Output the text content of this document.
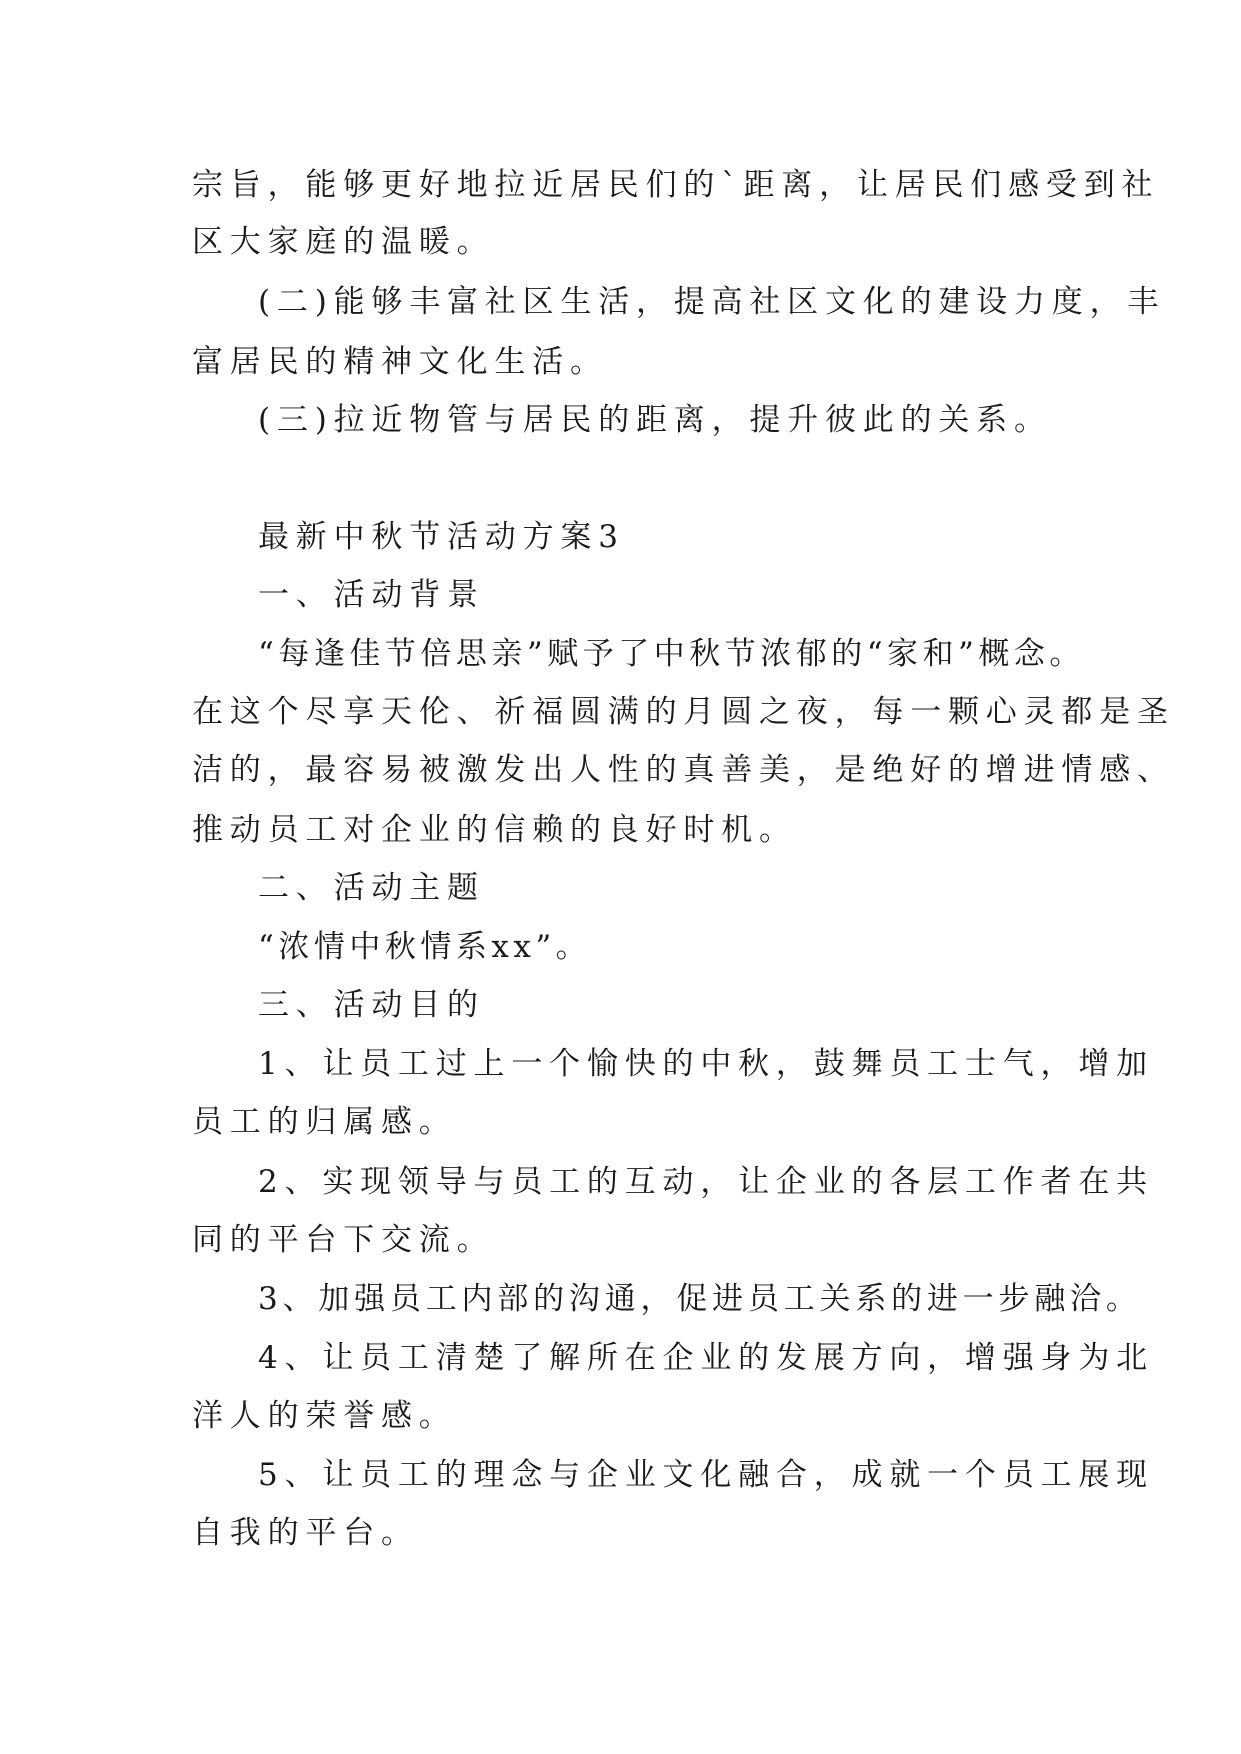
宗旨，能够更好地拉近居民们的`距离，让居民们感受到社
区大家庭的温暖。
(二)能够丰富社区生活，提高社区文化的建设力度，丰
富居民的精神文化生活。
(三)拉近物管与居民的距离，提升彼此的关系。
最新中秋节活动方案3
一、活动背景
“每逢佳节倍思亲”赋予了中秋节浓郁的“家和”概念。
在这个尽享天伦、祈福圆满的月圆之夜，每一颗心灵都是圣
洁的，最容易被激发出人性的真善美，是绝好的增进情感、
推动员工对企业的信赖的良好时机。
二、活动主题
“浓情中秋情系xx”。
三、活动目的
1、让员工过上一个愉快的中秋，鼓舞员工士气，增加
员工的归属感。
2、实现领导与员工的互动，让企业的各层工作者在共
同的平台下交流。
3、加强员工内部的沟通，促进员工关系的进一步融洽。
4、让员工清楚了解所在企业的发展方向，增强身为北
洋人的荣誉感。
5、让员工的理念与企业文化融合，成就一个员工展现
自我的平台。
